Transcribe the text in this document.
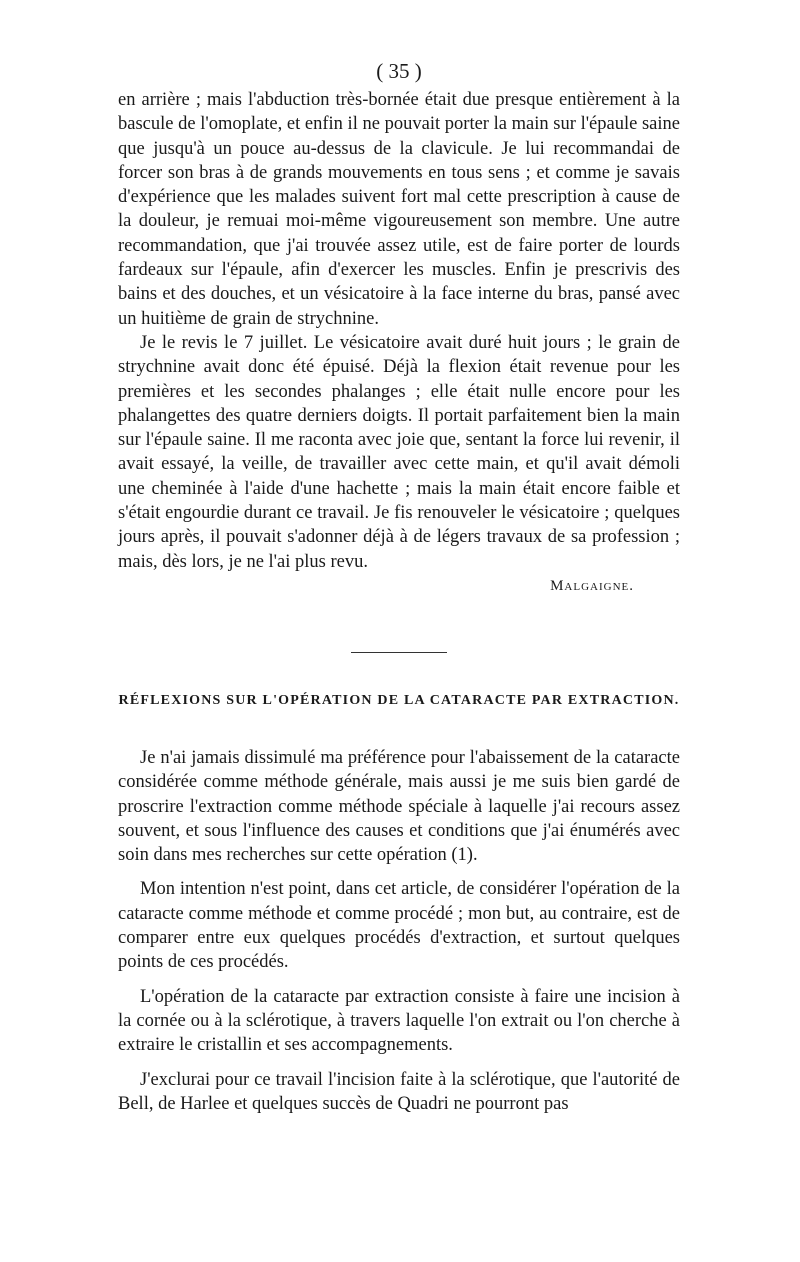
( 35 )

en arrière ; mais l'abduction très-bornée était due presque entièrement à la bascule de l'omoplate, et enfin il ne pouvait porter la main sur l'épaule saine que jusqu'à un pouce au-dessus de la clavicule. Je lui recommandai de forcer son bras à de grands mouvements en tous sens ; et comme je savais d'expérience que les malades suivent fort mal cette prescription à cause de la douleur, je remuai moi-même vigoureusement son membre. Une autre recommandation, que j'ai trouvée assez utile, est de faire porter de lourds fardeaux sur l'épaule, afin d'exercer les muscles. Enfin je prescrivis des bains et des douches, et un vésicatoire à la face interne du bras, pansé avec un huitième de grain de strychnine.

Je le revis le 7 juillet. Le vésicatoire avait duré huit jours ; le grain de strychnine avait donc été épuisé. Déjà la flexion était revenue pour les premières et les secondes phalanges ; elle était nulle encore pour les phalangettes des quatre derniers doigts. Il portait parfaitement bien la main sur l'épaule saine. Il me raconta avec joie que, sentant la force lui revenir, il avait essayé, la veille, de travailler avec cette main, et qu'il avait démoli une cheminée à l'aide d'une hachette ; mais la main était encore faible et s'était engourdie durant ce travail. Je fis renouveler le vésicatoire ; quelques jours après, il pouvait s'adonner déjà à de légers travaux de sa profession ; mais, dès lors, je ne l'ai plus revu.

Malgaigne.
RÉFLEXIONS SUR L'OPÉRATION DE LA CATARACTE PAR EXTRACTION.

Je n'ai jamais dissimulé ma préférence pour l'abaissement de la cataracte considérée comme méthode générale, mais aussi je me suis bien gardé de proscrire l'extraction comme méthode spéciale à laquelle j'ai recours assez souvent, et sous l'influence des causes et conditions que j'ai énumérés avec soin dans mes recherches sur cette opération (1).

Mon intention n'est point, dans cet article, de considérer l'opération de la cataracte comme méthode et comme procédé ; mon but, au contraire, est de comparer entre eux quelques procédés d'extraction, et surtout quelques points de ces procédés.

L'opération de la cataracte par extraction consiste à faire une incision à la cornée ou à la sclérotique, à travers laquelle l'on extrait ou l'on cherche à extraire le cristallin et ses accompagnements.

J'exclurai pour ce travail l'incision faite à la sclérotique, que l'autorité de Bell, de Harlee et quelques succès de Quadri ne pourront pas
